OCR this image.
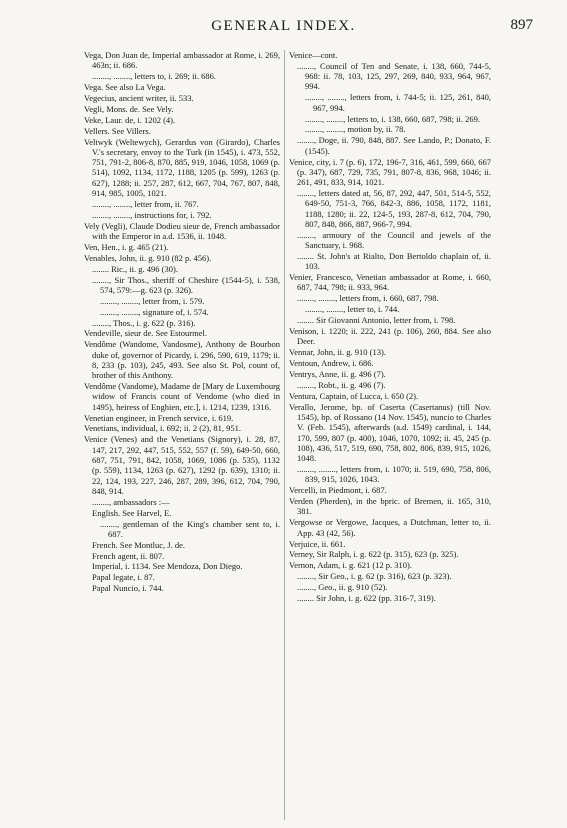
GENERAL INDEX.	897

Vega, Don Juan de, Imperial ambassador at Rome, i. 269, 463n; ii. 686.

........, ........, letters to, i. 269; ii. 686.

Vega. See also La Vega.

Vegecius, ancient writer, ii. 533.

Vegli, Mons. de. See Vely.

Veke, Laur. de, i. 1202 (4).

Vellers. See Villers.

Veltwyk (Weltewych), Gerardus von (Girardo), Charles V.'s secretary, envoy to the Turk (in 1545), i. 473, 552, 751, 791-2, 806-8, 870, 885, 919, 1046, 1058, 1069 (p. 514), 1092, 1134, 1172, 1188, 1205 (p. 599), 1263 (p. 627), 1288; ii. 257, 287, 612, 667, 704, 767, 807, 848, 914, 985, 1005, 1021.

........, ........, letter from, ii. 767.

........, ........, instructions for, i. 792.

Vely (Vegli), Claude Dodieu sieur de, French ambassador with the Emperor in a.d. 1536, ii. 1048.

Ven, Hen., i. g. 465 (21).

Venables, John, ii. g. 910 (82 p. 456).

........ Ric., ii. g. 496 (30).

........, Sir Thos., sheriff of Cheshire (1544-5), i. 538, 574, 579:—g. 623 (p. 326).

........, ........, letter from, i. 579.

........, ........, signature of, i. 574.

........, Thos., i. g. 622 (p. 316).

Vendeville, sieur de. See Estourmel.

Vendôme (Wandome, Vandosme), Anthony de Bourbon duke of, governor of Picardy, i. 296, 590, 619, 1179; ii. 8, 233 (p. 103), 245, 493. See also St. Pol, count of, brother of this Anthony.

Vendôme (Vandome), Madame de [Mary de Luxembourg widow of Francis count of Vendome (who died in 1495), heiress of Enghien, etc.], i. 1214, 1239, 1316.

Venetian engineer, in French service, i. 619.

Venetians, individual, i. 692; ii. 2 (2), 81, 951.

Venice (Venes) and the Venetians (Signory), i. 28, 87, 147, 217, 292, 447, 515, 552, 557 (f. 59), 649-50, 660, 687, 751, 791, 842, 1058, 1069, 1086 (p. 535), 1132 (p. 559), 1134, 1263 (p. 627), 1292 (p. 639), 1310; ii. 22, 124, 193, 227, 246, 287, 289, 396, 612, 704, 790, 848, 914.

........, ambassadors :—

English. See Harvel, E.

........, gentleman of the King's chamber sent to, i. 687.

French. See Montluc, J. de.

French agent, ii. 807.

Imperial, i. 1134. See Mendoza, Don Diego.

Papal legate, i. 87.

Papal Nuncio, i. 744.

Venice—cont.

........, Council of Ten and Senate, i. 138, 660, 744-5, 968: ii. 78, 103, 125, 297, 269, 840, 933, 964, 967, 994.

........, ........, letters from, i. 744-5; ii. 125, 261, 840, 967, 994.

........, ........, letters to, i. 138, 660, 687, 798; ii. 269.

........, ........, motion by, ii. 78.

........, Doge, ii. 790, 848, 887. See Lando, P.; Donato, F. (1545).

Venice, city, i. 7 (p. 6), 172, 196-7, 316, 461, 599, 660, 667 (p. 347), 687, 729, 735, 791, 807-8, 836, 968, 1046; ii. 261, 491, 833, 914, 1021.

........, letters dated at, 56, 87, 292, 447, 501, 514-5, 552, 649-50, 751-3, 766, 842-3, 886, 1058, 1172, 1181, 1188, 1280; ii. 22, 124-5, 193, 287-8, 612, 704, 790, 807, 848, 866, 887, 966-7, 994.

........, armoury of the Council and jewels of the Sanctuary, i. 968.

........ St. John's at Rialto, Don Bertoldo chaplain of, ii. 103.

Venier, Francesco, Venetian ambassador at Rome, i. 660, 687, 744, 798; ii. 933, 964.

........, ........, letters from, i. 660, 687, 798.

........, ........, letter to, i. 744.

........ Sir Giovanni Antonio, letter from, i. 798.

Venison, i. 1220; ii. 222, 241 (p. 106), 260, 884. See also Deer.

Vennar, John, ii. g. 910 (13).

Ventoun, Andrew, i. 686.

Ventrys, Anne, ii. g. 496 (7).

........, Robt., ii. g. 496 (7).

Ventura, Captain, of Lucca, i. 650 (2).

Verallo, Jerome, bp. of Caserta (Casertanus) (till Nov. 1545), bp. of Rossano (14 Nov. 1545), nuncio to Charles V. (Feb. 1545), afterwards (a.d. 1549) cardinal, i. 144, 170, 599, 807 (p. 400), 1046, 1070, 1092; ii. 45, 245 (p. 108), 436, 517, 519, 690, 758, 802, 806, 839, 915, 1026, 1048.

........, ........, letters from, i. 1070; ii. 519, 690, 758, 806, 839, 915, 1026, 1043.

Vercelli, in Piedmont, i. 687.

Verden (Pherden), in the bpric. of Bremen, ii. 165, 310, 381.

Vergowse or Vergowe, Jacques, a Dutchman, letter to, ii. App. 43 (42, 56).

Verjuice, ii. 661.

Verney, Sir Ralph, i. g. 622 (p. 315), 623 (p. 325).

Vernon, Adam, i. g. 621 (12 p. 310).

........, Sir Geo., i. g. 62 (p. 316), 623 (p. 323).

........, Geo., ii. g. 910 (52).

........ Sir John, i. g. 622 (pp. 316-7, 319).
